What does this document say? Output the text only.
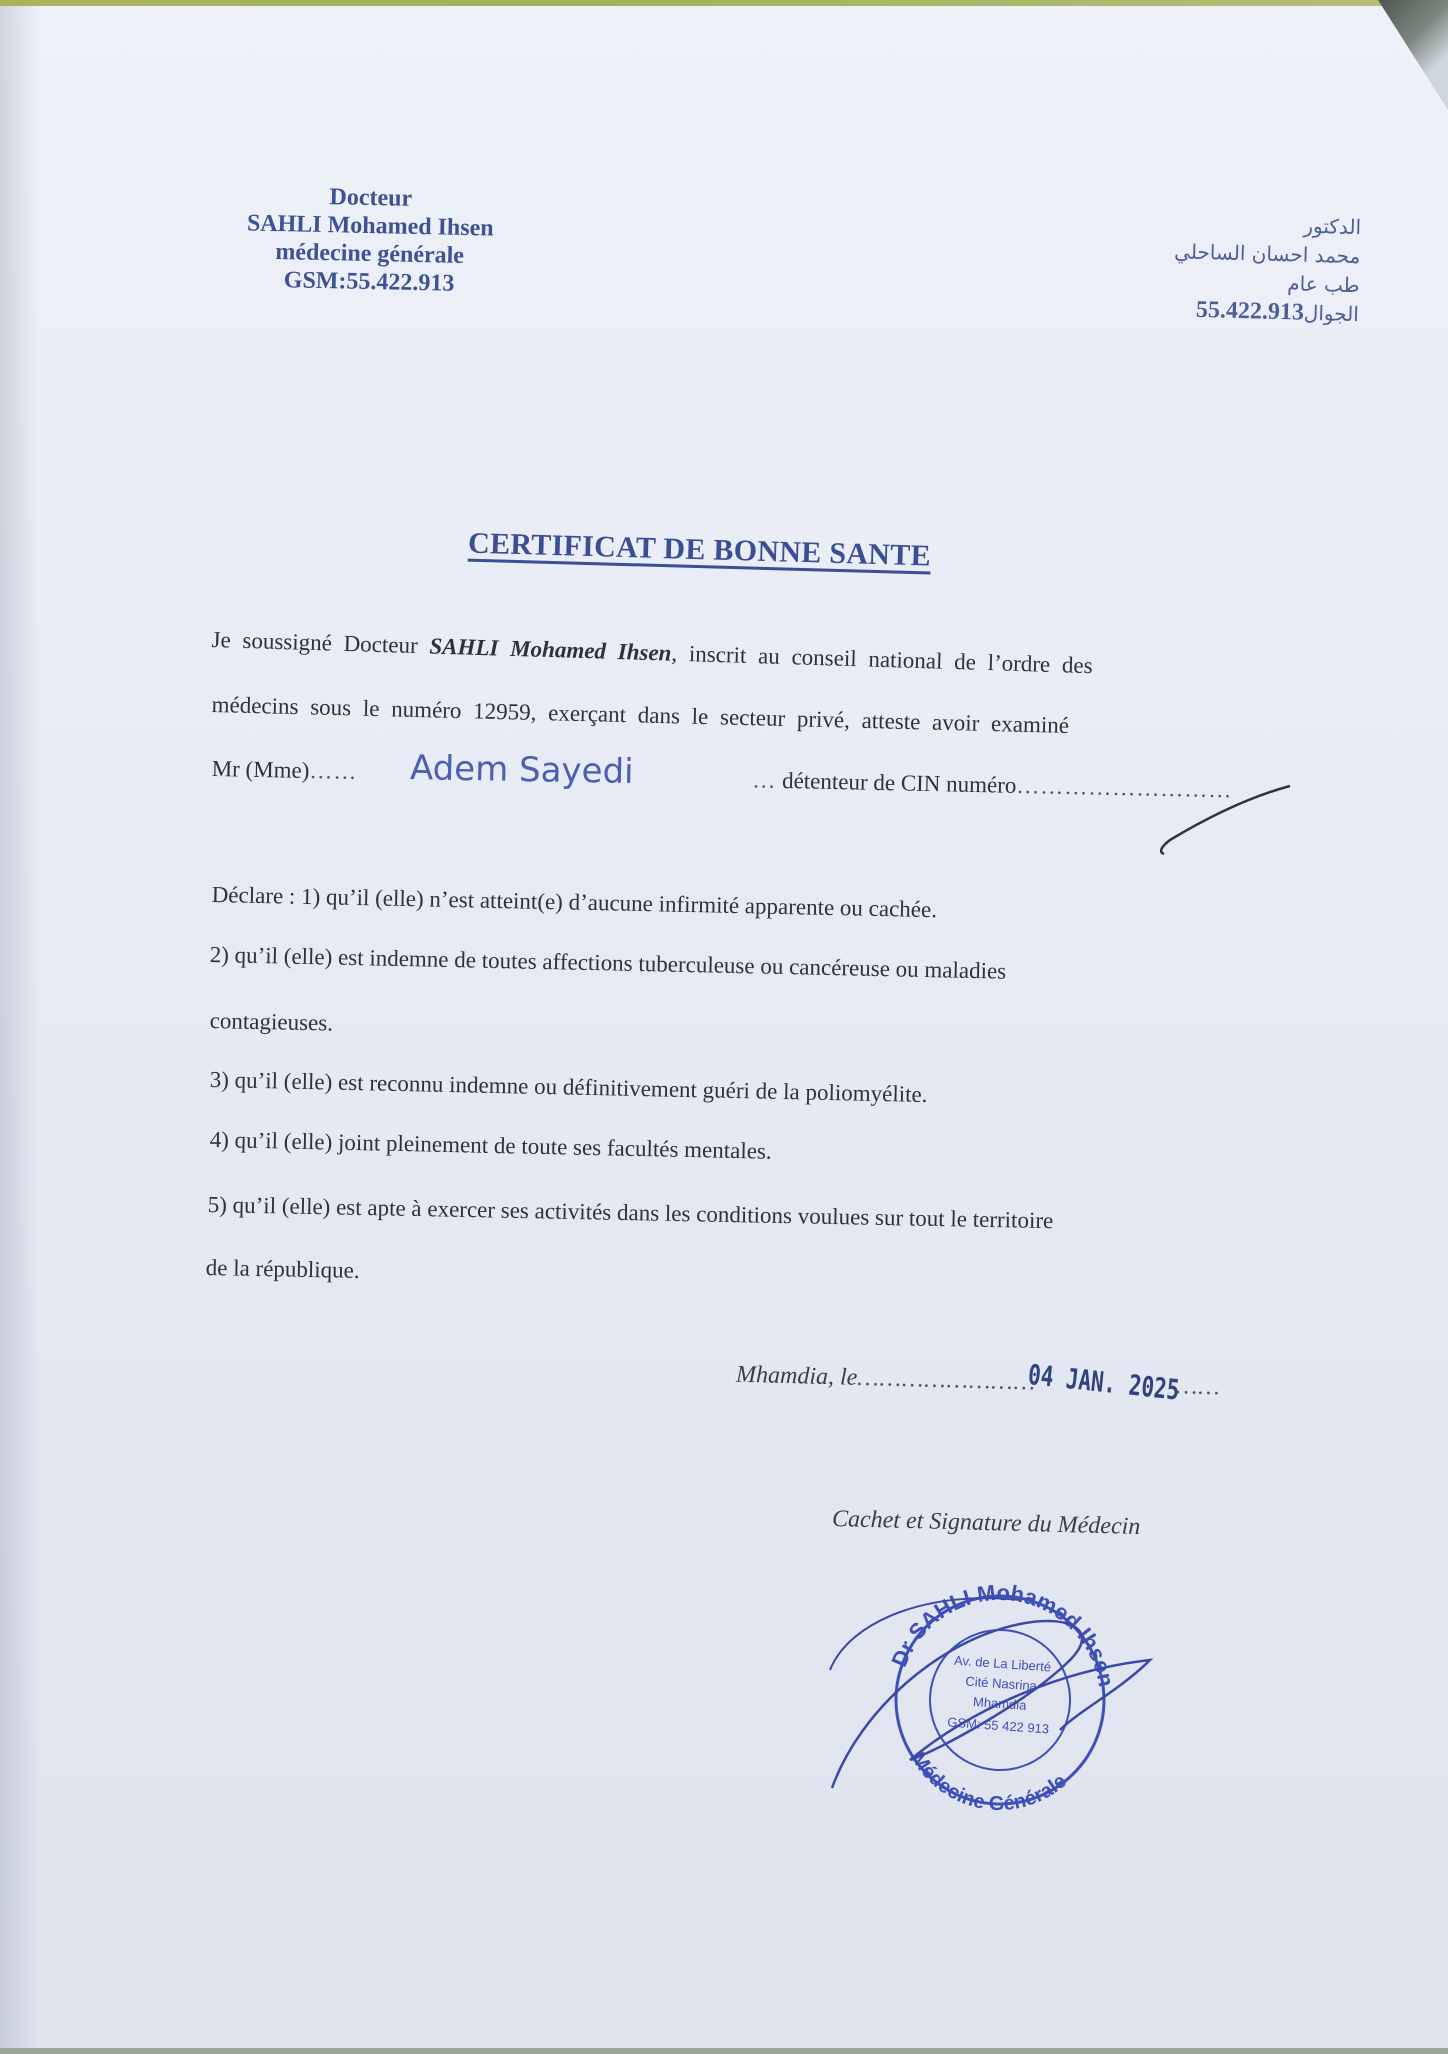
Docteur
SAHLI Mohamed Ihsen
médecine générale
GSM:55.422.913
الدكتور
محمد احسان الساحلي
طب عام
الجوال55.422.913
CERTIFICAT DE BONNE SANTE
Je soussigné Docteur SAHLI Mohamed Ihsen, inscrit au conseil national de l’ordre des
médecins sous le numéro 12959, exerçant dans le secteur privé, atteste avoir examiné
Mr (Mme)……	… détenteur de CIN numéro………………………
Adem Sayedi
Déclare : 1) qu’il (elle) n’est atteint(e) d’aucune infirmité apparente ou cachée.
2) qu’il (elle) est indemne de toutes affections tuberculeuse ou cancéreuse ou maladies
contagieuses.
3) qu’il (elle) est reconnu indemne ou définitivement guéri de la poliomyélite.
4) qu’il (elle) joint pleinement de toute ses facultés mentales.
5) qu’il (elle) est apte à exercer ses activités dans les conditions voulues sur tout le territoire
de la république.
Mhamdia, le……………………	……
04 JAN. 2025
Cachet et Signature du Médecin
Dr SAHLI Mohamed Ihsen
Médecine Générale
Av. de La Liberté
Cité Nasrina
Mhamdia
GSM: 55 422 913
